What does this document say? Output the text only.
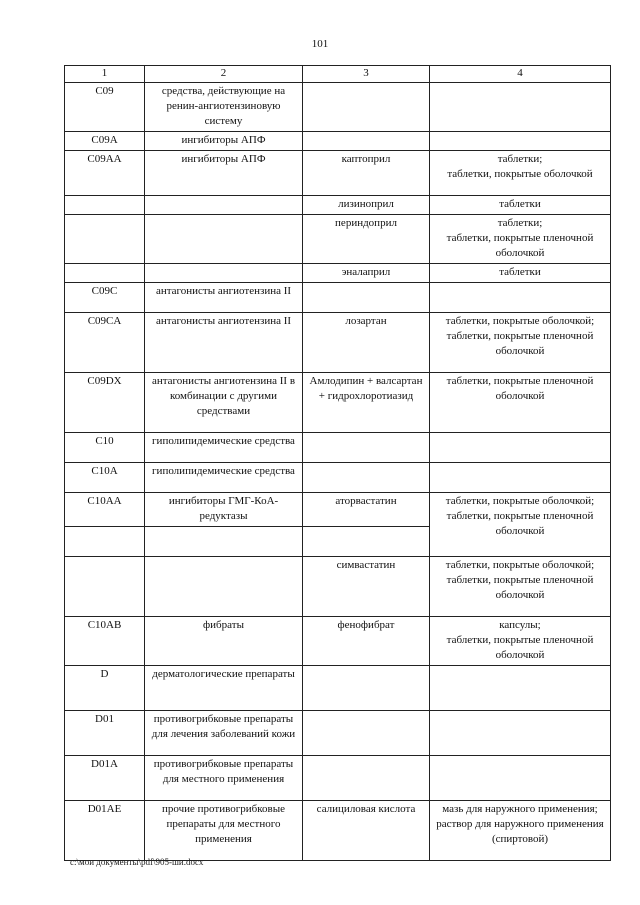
101
1	2	3	4
C09	средства, действующие на ренин-ангиотензиновую систему		
C09A	ингибиторы АПФ		
C09AA	ингибиторы АПФ	каптоприл	таблетки;
таблетки, покрытые оболочкой

		лизиноприл	таблетки
		периндоприл	таблетки;
таблетки, покрытые пленочной оболочкой

		эналаприл	таблетки
C09C	антагонисты ангиотензина II		
C09CA	антагонисты ангиотензина II	лозартан	таблетки, покрытые оболочкой;
таблетки, покрытые пленочной оболочкой

C09DX	антагонисты ангиотензина II в комбинации с другими средствами	Амлодипин + валсартан + гидрохлоротиазид	таблетки, покрытые пленочной оболочкой
C10	гиполипидемические средства		
C10A	гиполипидемические средства		
C10AA	ингибиторы ГМГ-КоА-редуктазы	аторвастатин	таблетки, покрытые оболочкой;
таблетки, покрытые пленочной оболочкой

		симвастатин	таблетки, покрытые оболочкой;
таблетки, покрытые пленочной оболочкой

C10AB	фибраты	фенофибрат	капсулы;
таблетки, покрытые пленочной оболочкой

D	дерматологические препараты		
D01	противогрибковые препараты для лечения заболеваний кожи		
D01A	противогрибковые препараты для местного применения		
D01AE	прочие противогрибковые препараты для местного применения	салициловая кислота	мазь для наружного применения;
раствор для наружного применения (спиртовой)
c:\мои документы\pdf\905-ши.docx
